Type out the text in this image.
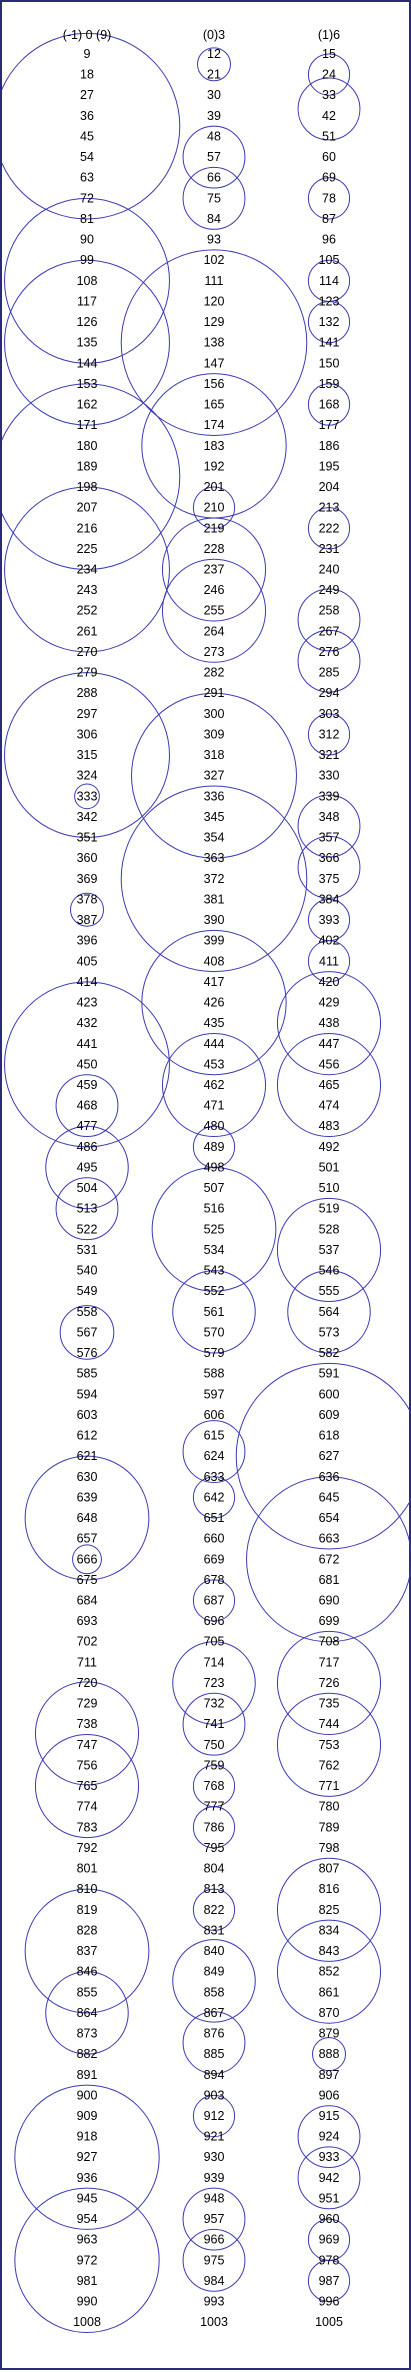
(-1) 0 (9)
9
18
27
36
45
54
63
72
81
90
99
108
117
126
135
144
153
162
171
180
189
198
207
216
225
234
243
252
261
270
279
288
297
306
315
324
333
342
351
360
369
378
387
396
405
414
423
432
441
450
459
468
477
486
495
504
513
522
531
540
549
558
567
576
585
594
603
612
621
630
639
648
657
666
675
684
693
702
711
720
729
738
747
756
765
774
783
792
801
810
819
828
837
846
855
864
873
882
891
900
909
918
927
936
945
954
963
972
981
990
1008
(0)3
12
21
30
39
48
57
66
75
84
93
102
111
120
129
138
147
156
165
174
183
192
201
210
219
228
237
246
255
264
273
282
291
300
309
318
327
336
345
354
363
372
381
390
399
408
417
426
435
444
453
462
471
480
489
498
507
516
525
534
543
552
561
570
579
588
597
606
615
624
633
642
651
660
669
678
687
696
705
714
723
732
741
750
759
768
777
786
795
804
813
822
831
840
849
858
867
876
885
894
903
912
921
930
939
948
957
966
975
984
993
1003
(1)6
15
24
33
42
51
60
69
78
87
96
105
114
123
132
141
150
159
168
177
186
195
204
213
222
231
240
249
258
267
276
285
294
303
312
321
330
339
348
357
366
375
384
393
402
411
420
429
438
447
456
465
474
483
492
501
510
519
528
537
546
555
564
573
582
591
600
609
618
627
636
645
654
663
672
681
690
699
708
717
726
735
744
753
762
771
780
789
798
807
816
825
834
843
852
861
870
879
888
897
906
915
924
933
942
951
960
969
978
987
996
1005
